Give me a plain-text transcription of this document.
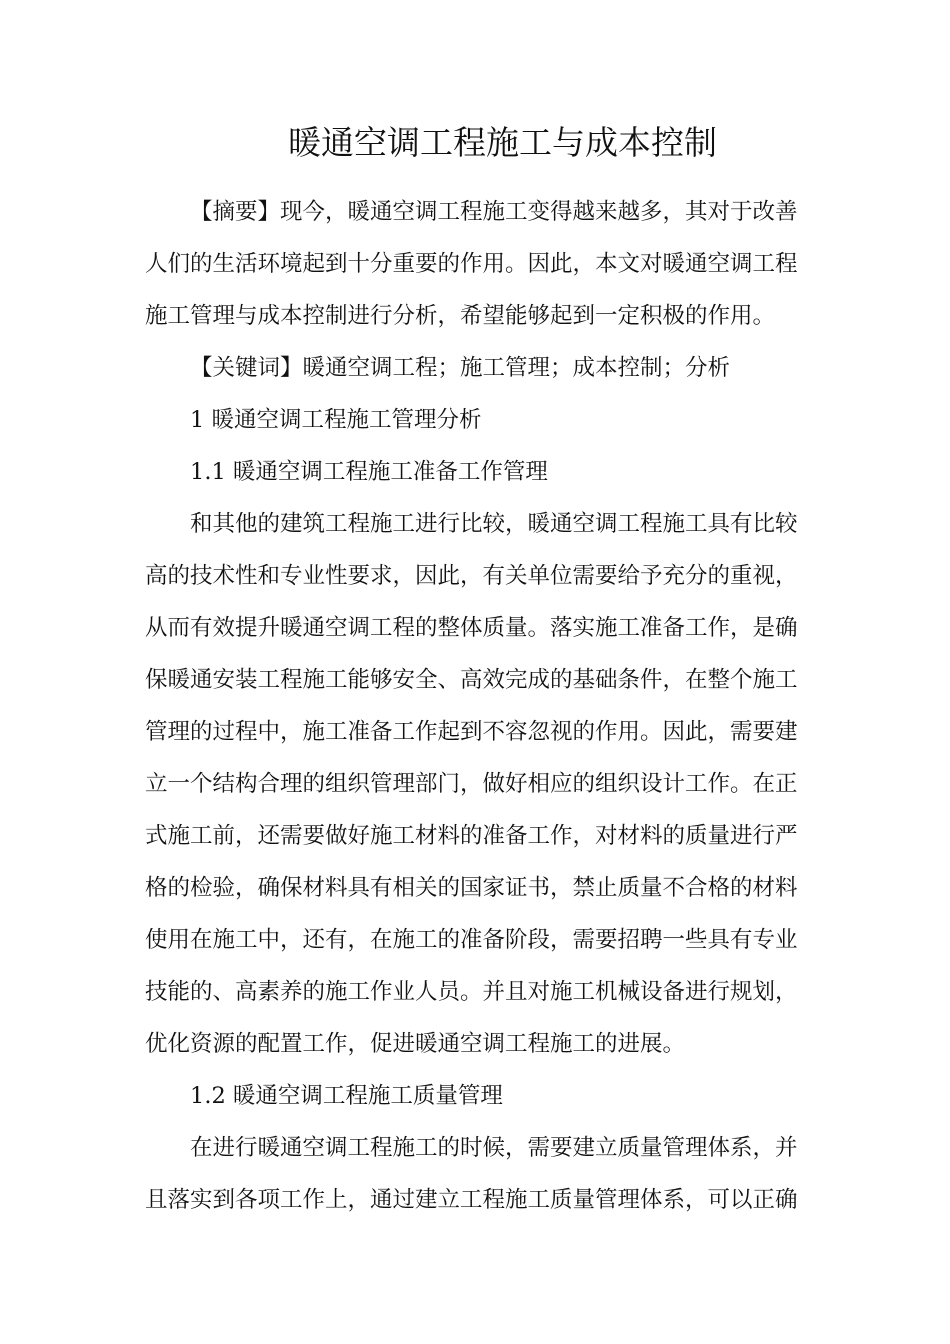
暖通空调工程施工与成本控制
【摘要】现今，暖通空调工程施工变得越来越多，其对于改善
人们的生活环境起到十分重要的作用。因此，本文对暖通空调工程
施工管理与成本控制进行分析，希望能够起到一定积极的作用。
【关键词】暖通空调工程；施工管理；成本控制；分析
1 暖通空调工程施工管理分析
1.1 暖通空调工程施工准备工作管理
和其他的建筑工程施工进行比较，暖通空调工程施工具有比较
高的技术性和专业性要求，因此，有关单位需要给予充分的重视，
从而有效提升暖通空调工程的整体质量。落实施工准备工作，是确
保暖通安装工程施工能够安全、高效完成的基础条件，在整个施工
管理的过程中，施工准备工作起到不容忽视的作用。因此，需要建
立一个结构合理的组织管理部门，做好相应的组织设计工作。在正
式施工前，还需要做好施工材料的准备工作，对材料的质量进行严
格的检验，确保材料具有相关的国家证书，禁止质量不合格的材料
使用在施工中，还有，在施工的准备阶段，需要招聘一些具有专业
技能的、高素养的施工作业人员。并且对施工机械设备进行规划，
优化资源的配置工作，促进暖通空调工程施工的进展。
1.2 暖通空调工程施工质量管理
在进行暖通空调工程施工的时候，需要建立质量管理体系，并
且落实到各项工作上，通过建立工程施工质量管理体系，可以正确
